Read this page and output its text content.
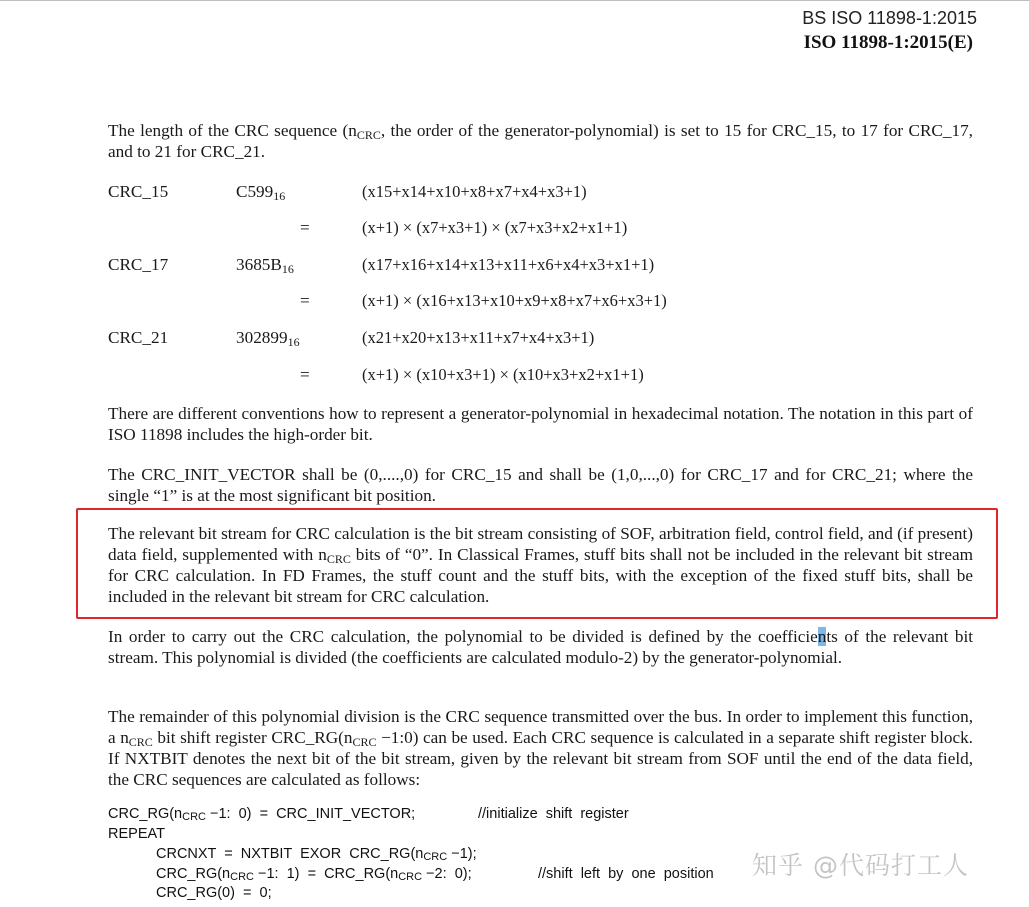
BS ISO 11898-1:2015
ISO 11898-1:2015(E)

The length of the CRC sequence ($n_{CRC}$, the order of the generator-polynomial) is set to 15 for CRC_15, to 17 for CRC_17, and to 21 for CRC_21.

CRC_15	$C599_{16}$	(x15+x14+x10+x8+x7+x4+x3+1)
=	(x+1) × (x7+x3+1) × (x7+x3+x2+x1+1)
CRC_17	$3685B_{16}$	(x17+x16+x14+x13+x11+x6+x4+x3+x1+1)
=	(x+1) × (x16+x13+x10+x9+x8+x7+x6+x3+1)
CRC_21	$302899_{16}$	(x21+x20+x13+x11+x7+x4+x3+1)
=	(x+1) × (x10+x3+1) × (x10+x3+x2+x1+1)

There are different conventions how to represent a generator-polynomial in hexadecimal notation. The notation in this part of ISO 11898 includes the high-order bit.

The CRC_INIT_VECTOR shall be (0,....,0) for CRC_15 and shall be (1,0,...,0) for CRC_17 and for CRC_21; where the single “1” is at the most significant bit position.

The relevant bit stream for CRC calculation is the bit stream consisting of SOF, arbitration field, control field, and (if present) data field, supplemented with $n_{CRC}$ bits of “0”. In Classical Frames, stuff bits shall not be included in the relevant bit stream for CRC calculation. In FD Frames, the stuff count and the stuff bits, with the exception of the fixed stuff bits, shall be included in the relevant bit stream for CRC calculation.

In order to carry out the CRC calculation, the polynomial to be divided is defined by the coefficients of the relevant bit stream. This polynomial is divided (the coefficients are calculated modulo-2) by the generator-polynomial.

The remainder of this polynomial division is the CRC sequence transmitted over the bus. In order to implement this function, a $n_{CRC}$ bit shift register $CRC\_RG(n_{CRC}$ −1:0) can be used. Each CRC sequence is calculated in a separate shift register block. If NXTBIT denotes the next bit of the bit stream, given by the relevant bit stream from SOF until the end of the data field, the CRC sequences are calculated as follows:

$CRC\_RG(n_{CRC} -1$:  0)  =  CRC_INIT_VECTOR;	//initialize  shift  register
REPEAT
CRCNXT  =  NXTBIT  EXOR  $CRC\_RG(n_{CRC} -1)$;
$CRC\_RG(n_{CRC} -1$:  $1) = CRC\_RG(n_{CRC} -2$:  0);	//shift  left  by  one  position
CRC_RG(0)  =  0;
知乎 @代码打工人
